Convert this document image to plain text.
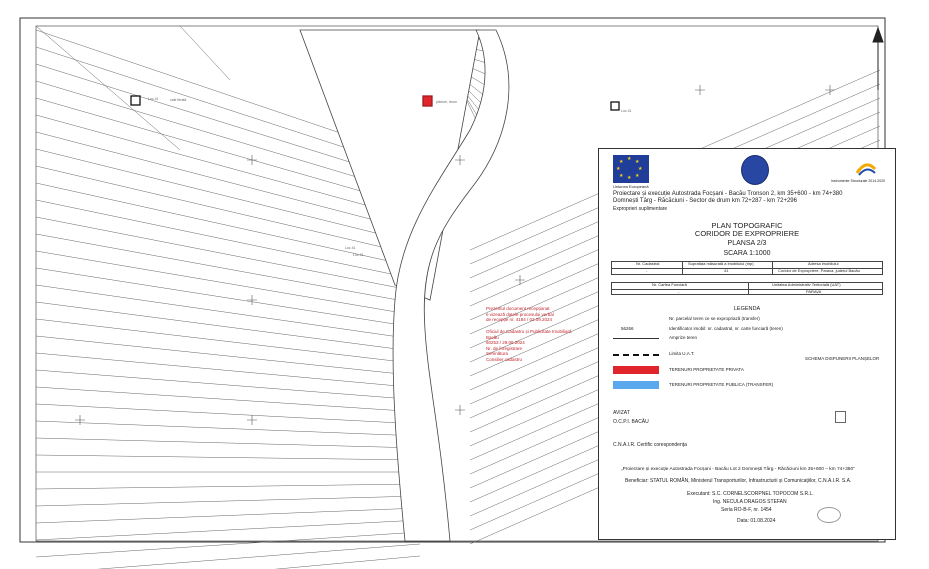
Loc 41
Loc 41
Loc 41
Loc 41
pădure, drum
cale ferată
Prezentul document recepționat
e vizează datele procesului verbal
de recepție nr. 4184 / 02.09.2024
Oficiul de Cadastru și Publicitate Imobiliară
Bacău
60253 / 29.08.2024
Nr. de înregistrare
Semnătura
Consilier cadastru
★ ★
★
★
★
★
★
★
Uniunea Europeană
Instrumente Structurale 2014-2020
Proiectare și execuție Autostrada Focșani - Bacău Tronson 2, km 35+600 - km 74+380
Domnești Târg - Răcăciuni - Sector de drum km 72+287 - km 72+296
Exproprieri suplimentare
PLAN TOPOGRAFIC
CORIDOR DE EXPROPRIERE
PLANSA 2/3
SCARA 1:1000
Nr. Cadastral	Suprafața măsurată a imobilului (mp)	Adresa imobilului
-	41	Coridor de Expropriere, Parava, județul Bacău
Nr. Cartea Funciară	Unitatea Administrativ Teritorială (UAT)
-	PARAVA
LEGENDA
Nr. parcela/ teren ce se expropriază (transfer)
56266	Identificator imobil: nr. cadastral, nr. carte funciară (teren)
Amprize teren
Limita U.A.T.
TERENURI PROPRIETATE PRIVATA
TERENURI PROPRIETATE PUBLICA (TRANSFER)
SCHEMA DISPUNERII PLANȘELOR
AVIZAT
O.C.P.I. BACĂU
C.N.A.I.R. Certific corespondența
„Proiectare și execuție Autostrada Focșani - Bacău Lot 2 Domnești Târg - Răcăciuni km 35+600 – km 74+380”
Beneficiar: STATUL ROMÂN, Ministerul Transporturilor, Infrastructurii și Comunicațiilor, C.N.A.I.R. S.A.
Executant: S.C. CORNELSCORPNEL TOPOCOM S.R.L.
Ing. NECULA DRAGOS STEFAN
Seria RO-B-F, nr. 1454
Data: 01.08.2024
